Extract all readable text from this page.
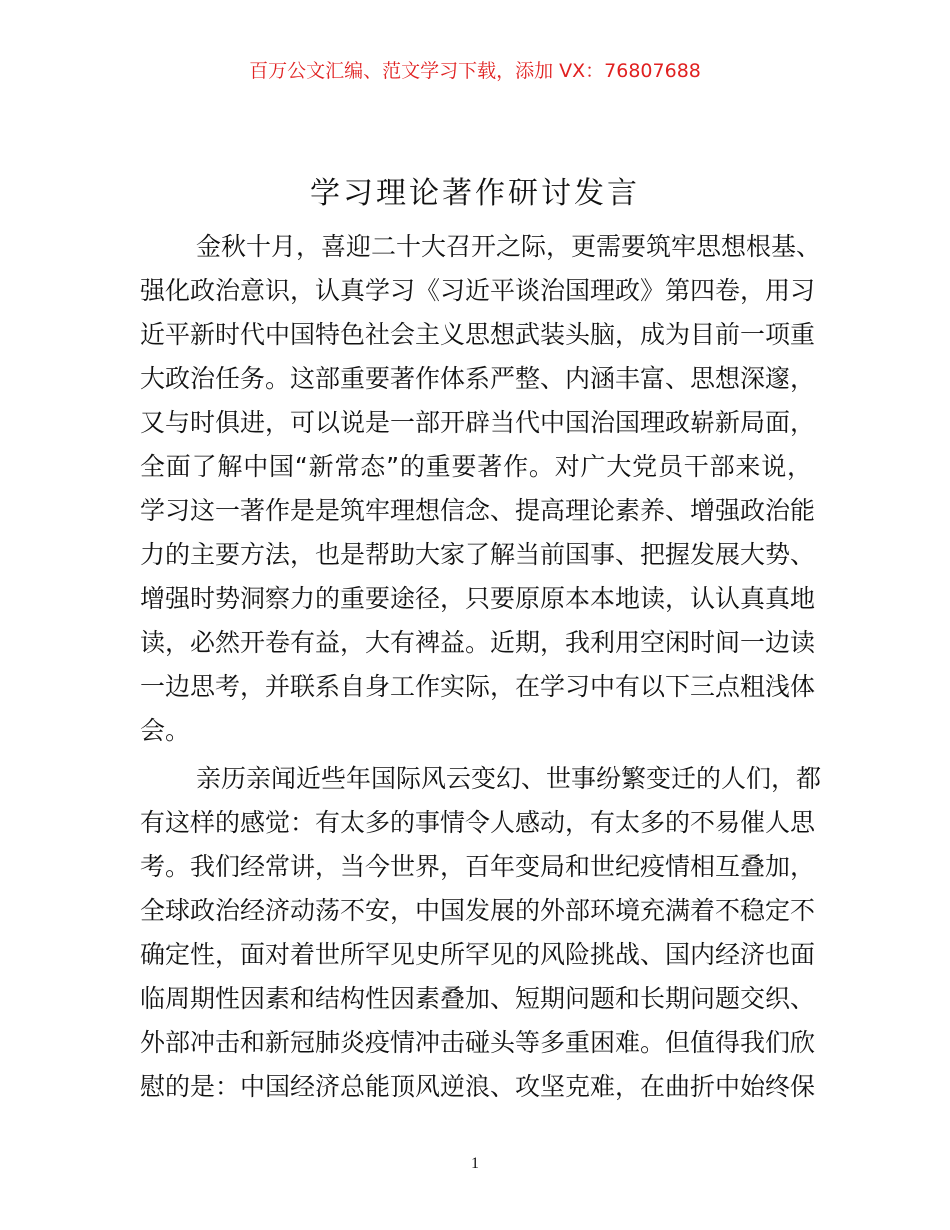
百万公文汇编、范文学习下载，添加 VX：76807688
学习理论著作研讨发言
金秋十月，喜迎二十大召开之际，更需要筑牢思想根基、
强化政治意识，认真学习《习近平谈治国理政》第四卷，用习
近平新时代中国特色社会主义思想武装头脑，成为目前一项重
大政治任务。这部重要著作体系严整、内涵丰富、思想深邃，
又与时俱进，可以说是一部开辟当代中国治国理政崭新局面，
全面了解中国“新常态”的重要著作。对广大党员干部来说，
学习这一著作是是筑牢理想信念、提高理论素养、增强政治能
力的主要方法，也是帮助大家了解当前国事、把握发展大势、
增强时势洞察力的重要途径，只要原原本本地读，认认真真地
读，必然开卷有益，大有裨益。近期，我利用空闲时间一边读
一边思考，并联系自身工作实际，在学习中有以下三点粗浅体
会。
亲历亲闻近些年国际风云变幻、世事纷繁变迁的人们，都
有这样的感觉：有太多的事情令人感动，有太多的不易催人思
考。我们经常讲，当今世界，百年变局和世纪疫情相互叠加，
全球政治经济动荡不安，中国发展的外部环境充满着不稳定不
确定性，面对着世所罕见史所罕见的风险挑战、国内经济也面
临周期性因素和结构性因素叠加、短期问题和长期问题交织、
外部冲击和新冠肺炎疫情冲击碰头等多重困难。但值得我们欣
慰的是：中国经济总能顶风逆浪、攻坚克难，在曲折中始终保
1
